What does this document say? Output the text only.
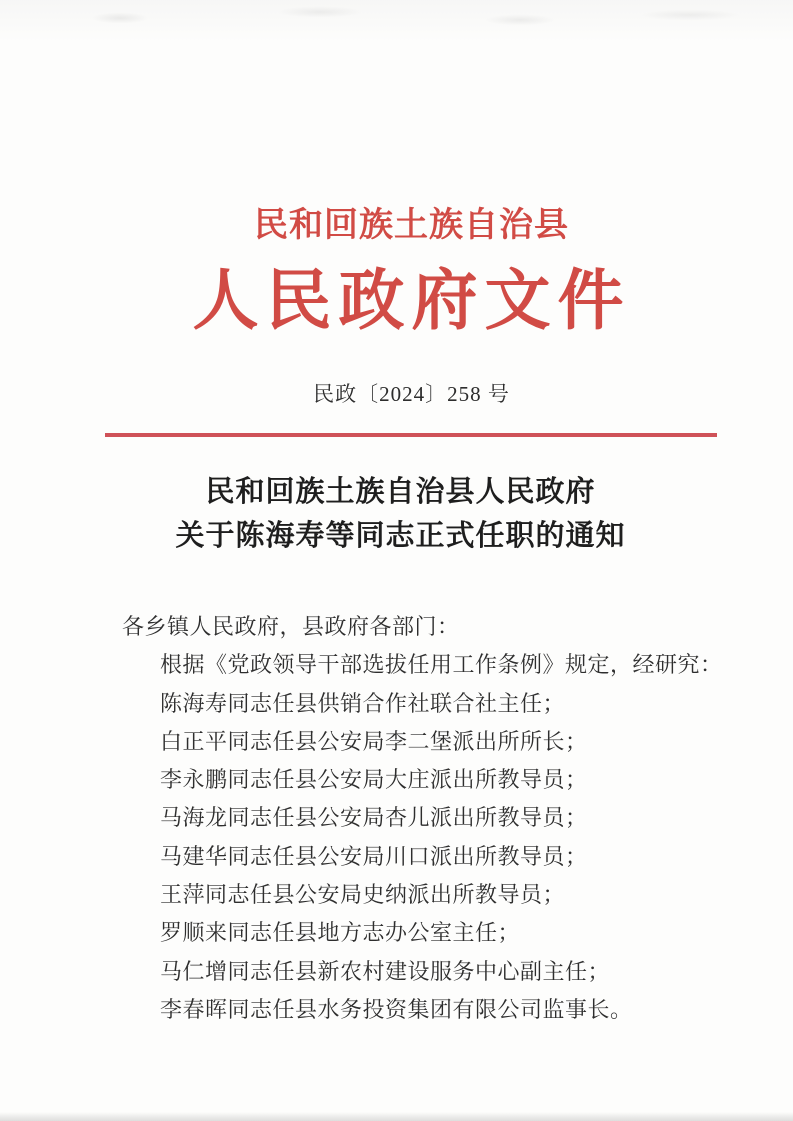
民和回族土族自治县
人民政府文件
民政〔2024〕258 号
民和回族土族自治县人民政府
关于陈海寿等同志正式任职的通知

各乡镇人民政府，县政府各部门：

根据《党政领导干部选拔任用工作条例》规定，经研究：

陈海寿同志任县供销合作社联合社主任；

白正平同志任县公安局李二堡派出所所长；

李永鹏同志任县公安局大庄派出所教导员；

马海龙同志任县公安局杏儿派出所教导员；

马建华同志任县公安局川口派出所教导员；

王萍同志任县公安局史纳派出所教导员；

罗顺来同志任县地方志办公室主任；

马仁增同志任县新农村建设服务中心副主任；

李春晖同志任县水务投资集团有限公司监事长。
